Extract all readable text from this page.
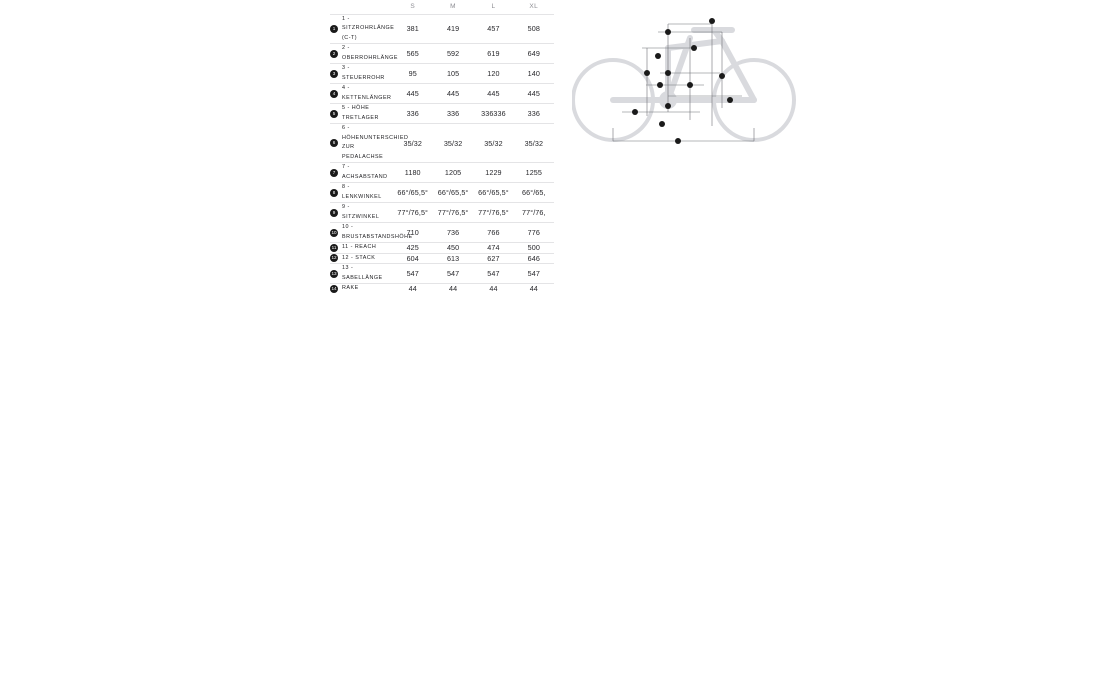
	S	M	L	XL

1
1 - SITZROHRLÄNGE (C-T)	381	419	457	508

2
2 - OBERROHRLÄNGE	565	592	619	649

3
3 - STEUERROHR	95	105	120	140

4
4 - KETTENLÄNGER	445	445	445	445

5
5 - HÖHE TRETLAGER	336	336	336336	336

6
6 - HÖHENUNTERSCHIED ZUR PEDALACHSE	35/32	35/32	35/32	35/32

7
7 - ACHSABSTAND	1180	1205	1229	1255

8
8 - LENKWINKEL	66°/65,5°	66°/65,5°	66°/65,5°	66°/65,

9
9 - SITZWINKEL	77°/76,5°	77°/76,5°	77°/76,5°	77°/76,

10
10 - BRUSTABSTANDSHÖHE	710	736	766	776

11 11 - REACH	425	450	474	500

12 12 - STACK	604	613	627	646

13
13 - SABELLÄNGE	547	547	547	547

14 RAKE	44	44	44	44
